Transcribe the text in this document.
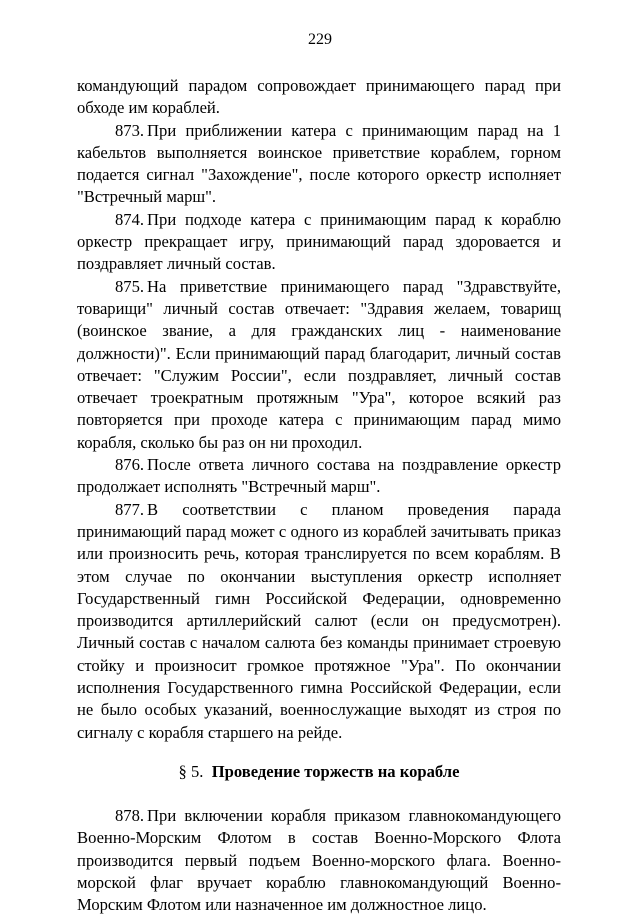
229

командующий парадом сопровождает принимающего парад при обходе им кораблей.

873. При приближении катера с принимающим парад на 1 кабельтов выполняется воинское приветствие кораблем, горном подается сигнал "Захождение", после которого оркестр исполняет "Встречный марш".

874. При подходе катера с принимающим парад к кораблю оркестр прекращает игру, принимающий парад здоровается и поздравляет личный состав.

875. На приветствие принимающего парад "Здравствуйте, товарищи" личный состав отвечает: "Здравия желаем, товарищ (воинское звание, а для гражданских лиц - наименование должности)". Если принимающий парад благодарит, личный состав отвечает: "Служим России", если поздравляет, личный состав отвечает троекратным протяжным "Ура", которое всякий раз повторяется при проходе катера с принимающим парад мимо корабля, сколько бы раз он ни проходил.

876. После ответа личного состава на поздравление оркестр продолжает исполнять "Встречный марш".

877. В соответствии с планом проведения парада принимающий парад может с одного из кораблей зачитывать приказ или произносить речь, которая транслируется по всем кораблям. В этом случае по окончании выступления оркестр исполняет Государственный гимн Российской Федерации, одновременно производится артиллерийский салют (если он предусмотрен). Личный состав с началом салюта без команды принимает строевую стойку и произносит громкое протяжное "Ура". По окончании исполнения Государственного гимна Российской Федерации, если не было особых указаний, военнослужащие выходят из строя по сигналу с корабля старшего на рейде.

§ 5. Проведение торжеств на корабле

878. При включении корабля приказом главнокомандующего Военно-Морским Флотом в состав Военно-Морского Флота производится первый подъем Военно-морского флага. Военно-морской флаг вручает кораблю главнокомандующий Военно-Морским Флотом или назначенное им должностное лицо.
